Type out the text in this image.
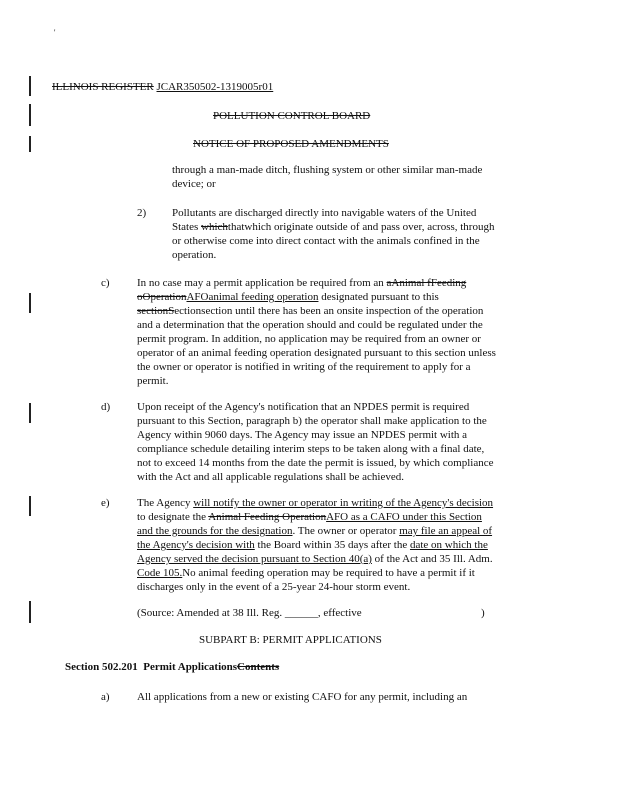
'
ILLINOIS REGISTER JCAR350502-1319005r01
POLLUTION CONTROL BOARD
NOTICE OF PROPOSED AMENDMENTS
through a man-made ditch, flushing system or other similar man-made
device; or
2) Pollutants are discharged directly into navigable waters of the United
States whichthatwhich originate outside of and pass over, across, through
or otherwise come into direct contact with the animals confined in the
operation.
c) In no case may a permit application be required from an aAnimal fFeeding
oOperationAFOanimal feeding operation designated pursuant to this
sectionSectionsection until there has been an onsite inspection of the operation
and a determination that the operation should and could be regulated under the
permit program. In addition, no application may be required from an owner or
operator of an animal feeding operation designated pursuant to this section unless
the owner or operator is notified in writing of the requirement to apply for a
permit.
d) Upon receipt of the Agency's notification that an NPDES permit is required
pursuant to this Section, paragraph b) the operator shall make application to the
Agency within 9060 days. The Agency may issue an NPDES permit with a
compliance schedule detailing interim steps to be taken along with a final date,
not to exceed 14 months from the date the permit is issued, by which compliance
with the Act and all applicable regulations shall be achieved.
e) The Agency will notify the owner or operator in writing of the Agency's decision
to designate the Animal Feeding OperationAFO as a CAFO under this Section
and the grounds for the designation. The owner or operator may file an appeal of
the Agency's decision with the Board within 35 days after the date on which the
Agency served the decision pursuant to Section 40(a) of the Act and 35 Ill. Adm.
Code 105.No animal feeding operation may be required to have a permit if it
discharges only in the event of a 25-year 24-hour storm event.
(Source: Amended at 38 Ill. Reg. ______, effective	)
SUBPART B: PERMIT APPLICATIONS
Section 502.201 Permit ApplicationsContents
a) All applications from a new or existing CAFO for any permit, including an
